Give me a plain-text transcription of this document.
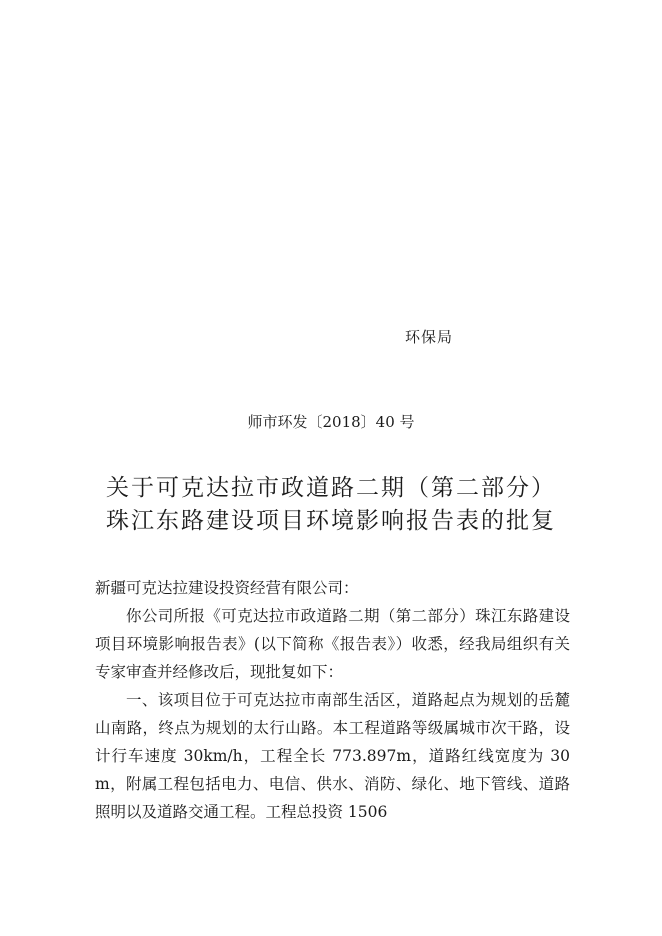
环保局
师市环发〔2018〕40 号
关于可克达拉市政道路二期（第二部分）
珠江东路建设项目环境影响报告表的批复

新疆可克达拉建设投资经营有限公司：

你公司所报《可克达拉市政道路二期（第二部分）珠江东路建设项目环境影响报告表》(以下简称《报告表》）收悉，经我局组织有关专家审查并经修改后，现批复如下：

一、该项目位于可克达拉市南部生活区，道路起点为规划的岳麓山南路，终点为规划的太行山路。本工程道路等级属城市次干路，设计行车速度 30km/h，工程全长 773.897m，道路红线宽度为 30m，附属工程包括电力、电信、供水、消防、绿化、地下管线、道路照明以及道路交通工程。工程总投资 1506
